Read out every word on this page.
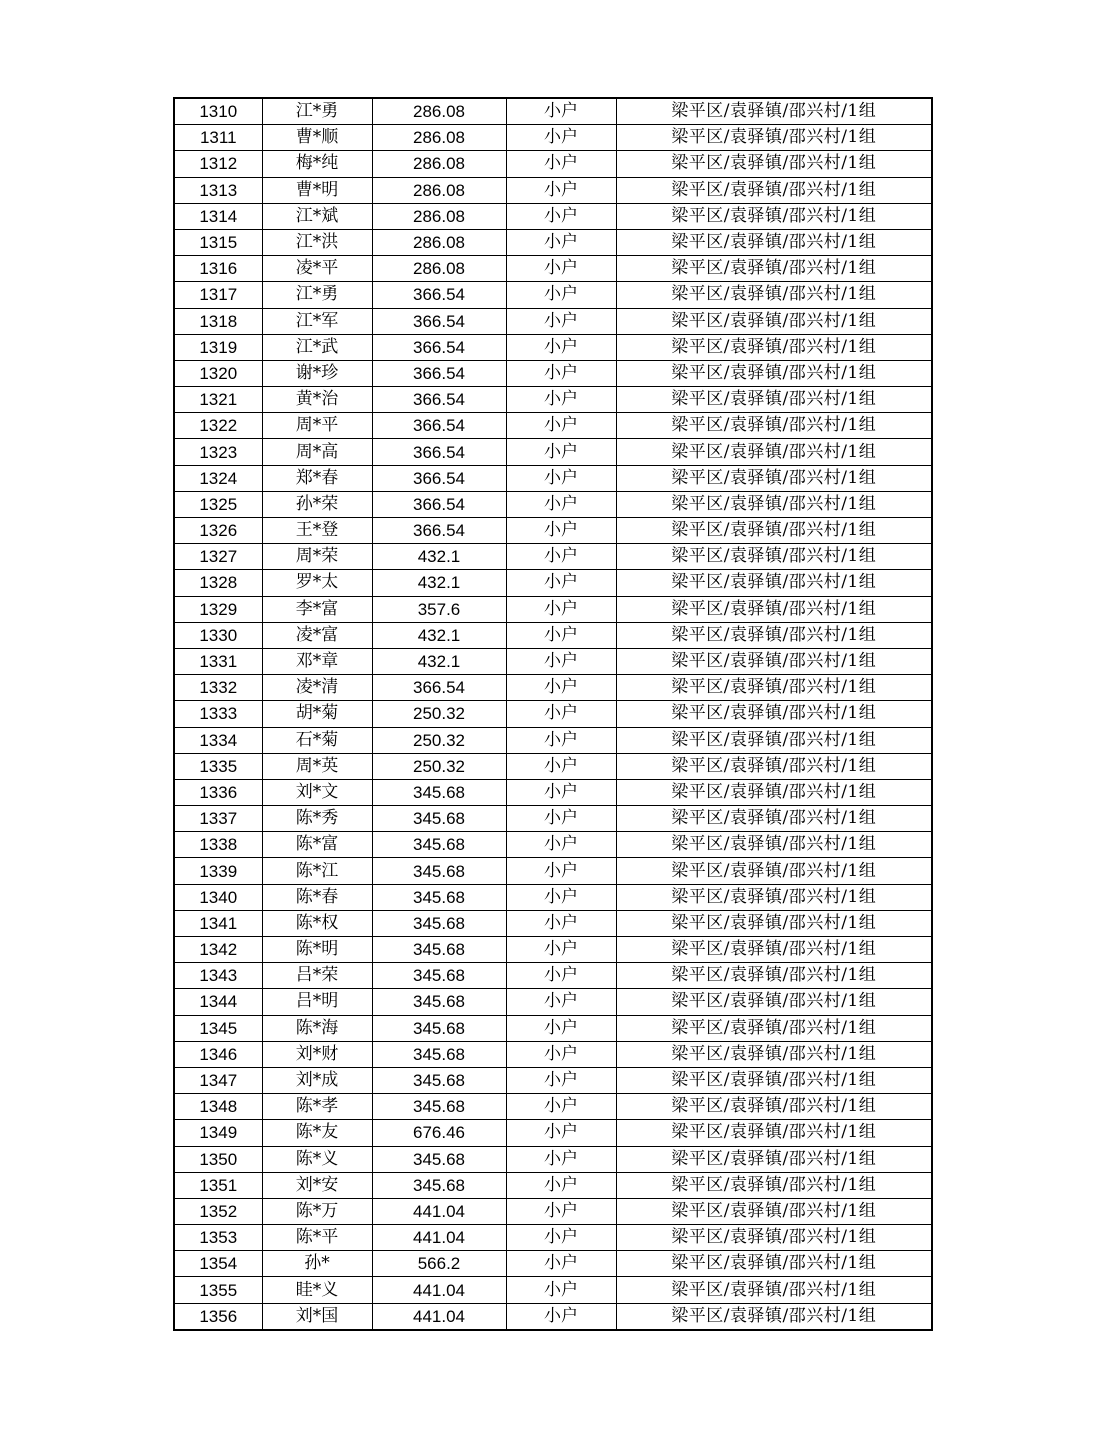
1310	江*勇	286.08	小户	梁平区/袁驿镇/邵兴村/1组
1311	曹*顺	286.08	小户	梁平区/袁驿镇/邵兴村/1组
1312	梅*纯	286.08	小户	梁平区/袁驿镇/邵兴村/1组
1313	曹*明	286.08	小户	梁平区/袁驿镇/邵兴村/1组
1314	江*斌	286.08	小户	梁平区/袁驿镇/邵兴村/1组
1315	江*洪	286.08	小户	梁平区/袁驿镇/邵兴村/1组
1316	凌*平	286.08	小户	梁平区/袁驿镇/邵兴村/1组
1317	江*勇	366.54	小户	梁平区/袁驿镇/邵兴村/1组
1318	江*军	366.54	小户	梁平区/袁驿镇/邵兴村/1组
1319	江*武	366.54	小户	梁平区/袁驿镇/邵兴村/1组
1320	谢*珍	366.54	小户	梁平区/袁驿镇/邵兴村/1组
1321	黄*治	366.54	小户	梁平区/袁驿镇/邵兴村/1组
1322	周*平	366.54	小户	梁平区/袁驿镇/邵兴村/1组
1323	周*高	366.54	小户	梁平区/袁驿镇/邵兴村/1组
1324	郑*春	366.54	小户	梁平区/袁驿镇/邵兴村/1组
1325	孙*荣	366.54	小户	梁平区/袁驿镇/邵兴村/1组
1326	王*登	366.54	小户	梁平区/袁驿镇/邵兴村/1组
1327	周*荣	432.1	小户	梁平区/袁驿镇/邵兴村/1组
1328	罗*太	432.1	小户	梁平区/袁驿镇/邵兴村/1组
1329	李*富	357.6	小户	梁平区/袁驿镇/邵兴村/1组
1330	凌*富	432.1	小户	梁平区/袁驿镇/邵兴村/1组
1331	邓*章	432.1	小户	梁平区/袁驿镇/邵兴村/1组
1332	凌*清	366.54	小户	梁平区/袁驿镇/邵兴村/1组
1333	胡*菊	250.32	小户	梁平区/袁驿镇/邵兴村/1组
1334	石*菊	250.32	小户	梁平区/袁驿镇/邵兴村/1组
1335	周*英	250.32	小户	梁平区/袁驿镇/邵兴村/1组
1336	刘*文	345.68	小户	梁平区/袁驿镇/邵兴村/1组
1337	陈*秀	345.68	小户	梁平区/袁驿镇/邵兴村/1组
1338	陈*富	345.68	小户	梁平区/袁驿镇/邵兴村/1组
1339	陈*江	345.68	小户	梁平区/袁驿镇/邵兴村/1组
1340	陈*春	345.68	小户	梁平区/袁驿镇/邵兴村/1组
1341	陈*权	345.68	小户	梁平区/袁驿镇/邵兴村/1组
1342	陈*明	345.68	小户	梁平区/袁驿镇/邵兴村/1组
1343	吕*荣	345.68	小户	梁平区/袁驿镇/邵兴村/1组
1344	吕*明	345.68	小户	梁平区/袁驿镇/邵兴村/1组
1345	陈*海	345.68	小户	梁平区/袁驿镇/邵兴村/1组
1346	刘*财	345.68	小户	梁平区/袁驿镇/邵兴村/1组
1347	刘*成	345.68	小户	梁平区/袁驿镇/邵兴村/1组
1348	陈*孝	345.68	小户	梁平区/袁驿镇/邵兴村/1组
1349	陈*友	676.46	小户	梁平区/袁驿镇/邵兴村/1组
1350	陈*义	345.68	小户	梁平区/袁驿镇/邵兴村/1组
1351	刘*安	345.68	小户	梁平区/袁驿镇/邵兴村/1组
1352	陈*万	441.04	小户	梁平区/袁驿镇/邵兴村/1组
1353	陈*平	441.04	小户	梁平区/袁驿镇/邵兴村/1组
1354	孙*	566.2	小户	梁平区/袁驿镇/邵兴村/1组
1355	眭*义	441.04	小户	梁平区/袁驿镇/邵兴村/1组
1356	刘*国	441.04	小户	梁平区/袁驿镇/邵兴村/1组
